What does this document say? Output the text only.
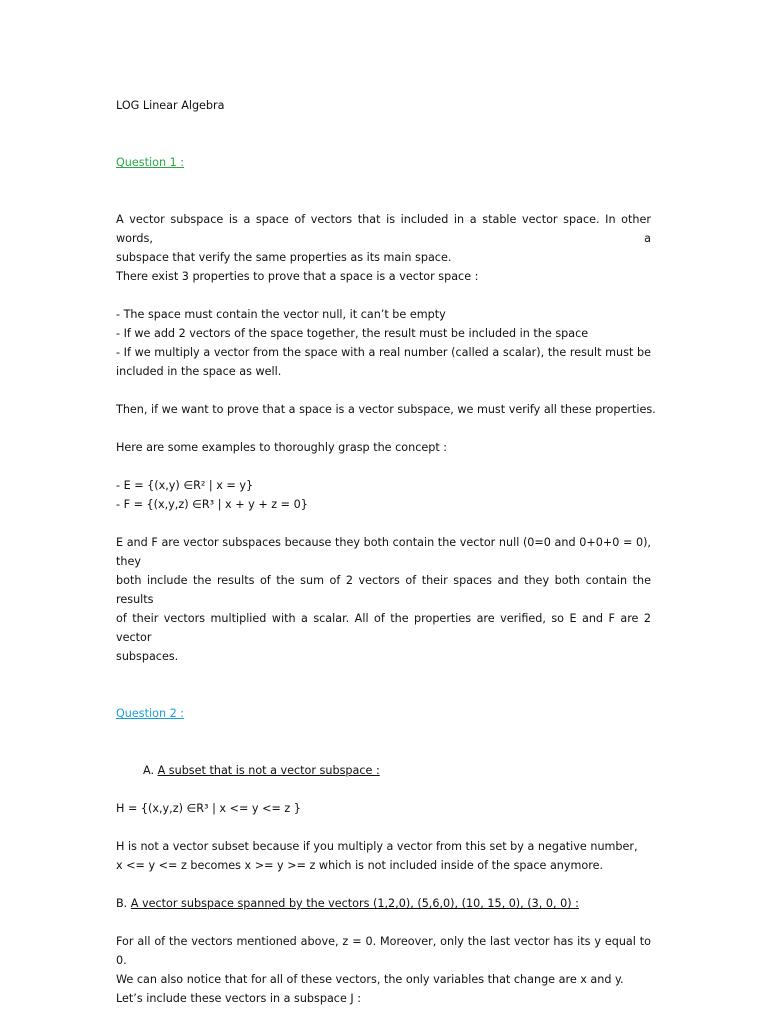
LOG Linear Algebra
Question 1 :
A vector subspace is a space of vectors that is included in a stable vector space. In other words, a
subspace that verify the same properties as its main space.
There exist 3 properties to prove that a space is a vector space :
- The space must contain the vector null, it can’t be empty
- If we add 2 vectors of the space together, the result must be included in the space
- If we multiply a vector from the space with a real number (called a scalar), the result must be
included in the space as well.
Then, if we want to prove that a space is a vector subspace, we must verify all these properties.
Here are some examples to thoroughly grasp the concept :
- E = {(x,y) ∈R² | x = y}
- F = {(x,y,z) ∈R³ | x + y + z = 0}
E and F are vector subspaces because they both contain the vector null (0=0 and 0+0+0 = 0), they
both include the results of the sum of 2 vectors of their spaces and they both contain the results
of their vectors multiplied with a scalar. All of the properties are verified, so E and F are 2 vector
subspaces.
Question 2 :
A. A subset that is not a vector subspace :
H = {(x,y,z) ∈R³ | x <= y <= z }
H is not a vector subset because if you multiply a vector from this set by a negative number,
x <= y <= z becomes x >= y >= z which is not included inside of the space anymore.
B. A vector subspace spanned by the vectors (1,2,0), (5,6,0), (10, 15, 0), (3, 0, 0) :
For all of the vectors mentioned above, z = 0. Moreover, only the last vector has its y equal to 0.
We can also notice that for all of these vectors, the only variables that change are x and y.
Let’s include these vectors in a subspace J :
